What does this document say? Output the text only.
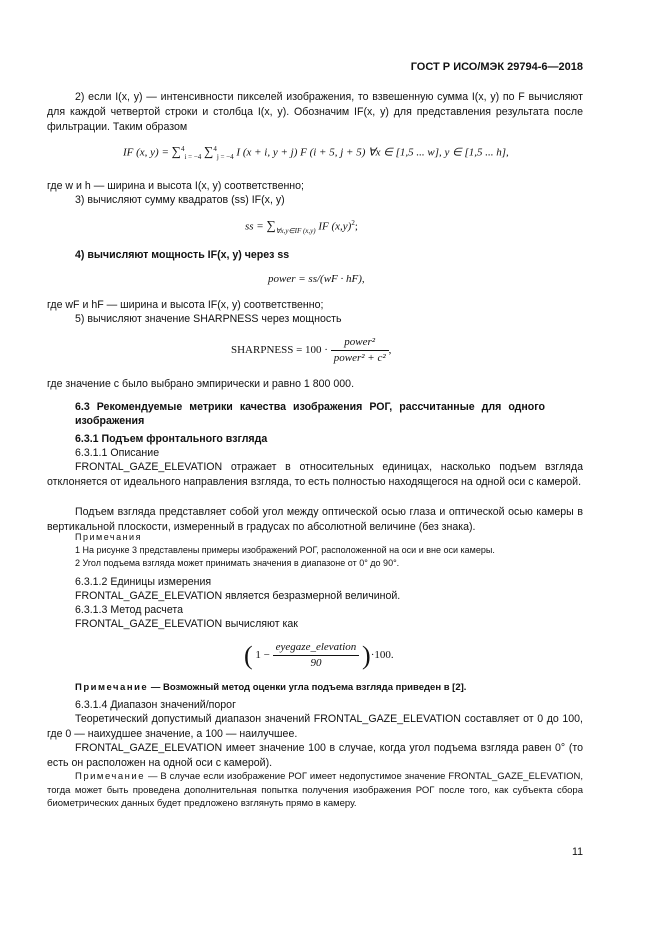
ГОСТ Р ИСО/МЭК 29794-6—2018
2) если I(x, y) — интенсивности пикселей изображения, то взвешенную сумма I(x, y) по F вычисляют для каждой четвертой строки и столбца I(x, y). Обозначим IF(x, y) для представления результата после фильтрации. Таким образом
IF (x, y) = ∑$^4_{i = -4}$ ∑$^4_{j = -4}$ I (x + i, y + j) F (i + 5, j + 5) ∀x ∈ [1,5 ... w], y ∈ [1,5 ... h],
где w и h — ширина и высота I(x, y) соответственно;
3) вычисляют сумму квадратов (ss) IF(x, y)
ss = $\sum_{\forall x,y\in IF (x,y)}$ IF $(x,y)^2$;
4) вычисляют мощность IF(x, y) через ss
power = ss/(wF · hF),
где wF и hF — ширина и высота IF(x, y) соответственно;
5) вычисляют значение SHARPNESS через мощность
SHARPNESS = $100 \cdot \frac{\text{power²}}{\text{power² + c²}}$ ,
где значение c было выбрано эмпирически и равно 1 800 000.
6.3 Рекомендуемые метрики качества изображения РОГ, рассчитанные для одного изображения
6.3.1 Подъем фронтального взгляда
6.3.1.1 Описание
FRONTAL_GAZE_ELEVATION отражает в относительных единицах, насколько подъем взгляда отклоняется от идеального направления взгляда, то есть полностью находящегося на одной оси с камерой.
Подъем взгляда представляет собой угол между оптической осью глаза и оптической осью камеры в вертикальной плоскости, измеренный в градусах по абсолютной величине (без знака).
Примечания
1 На рисунке 3 представлены примеры изображений РОГ, расположенной на оси и вне оси камеры.
2 Угол подъема взгляда может принимать значения в диапазоне от 0° до 90°.
6.3.1.2 Единицы измерения
FRONTAL_GAZE_ELEVATION является безразмерной величиной.
6.3.1.3 Метод расчета
FRONTAL_GAZE_ELEVATION вычисляют как
( $1 - \frac{\text{eyegaze\_elevation}}{90} )\cdot 100$.
Примечание — Возможный метод оценки угла подъема взгляда приведен в [2].
6.3.1.4 Диапазон значений/порог
Теоретический допустимый диапазон значений FRONTAL_GAZE_ELEVATION составляет от 0 до 100, где 0 — наихудшее значение, а 100 — наилучшее.
FRONTAL_GAZE_ELEVATION имеет значение 100 в случае, когда угол подъема взгляда равен 0° (то есть он расположен на одной оси с камерой).
Примечание — В случае если изображение РОГ имеет недопустимое значение FRONTAL_GAZE_ELEVATION, тогда может быть проведена дополнительная попытка получения изображения РОГ после того, как субъекта сбора биометрических данных будет предложено взглянуть прямо в камеру.
11
